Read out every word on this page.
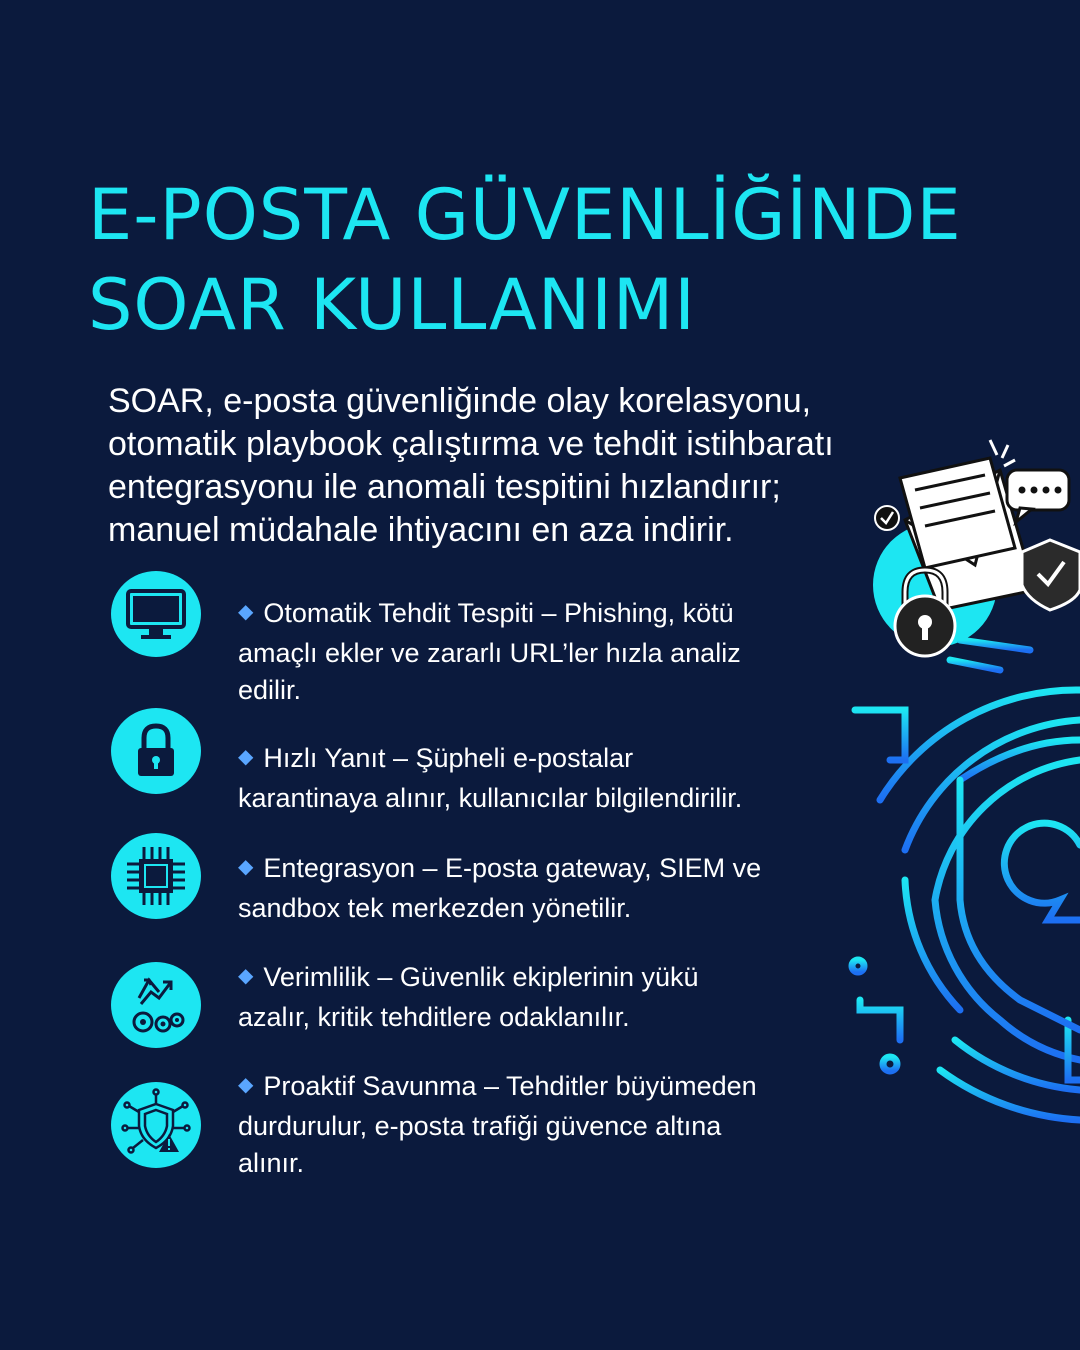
E-POSTA GÜVENLİĞİNDE
SOAR KULLANIMI

SOAR, e-posta güvenliğinde olay korelasyonu,
otomatik playbook çalıştırma ve tehdit istihbaratı
entegrasyonu ile anomali tespitini hızlandırır;
manuel müdahale ihtiyacını en aza indirir.

◆ Otomatik Tehdit Tespiti – Phishing, kötü
amaçlı ekler ve zararlı URL’ler hızla analiz
edilir.
◆ Hızlı Yanıt – Şüpheli e-postalar
karantinaya alınır, kullanıcılar bilgilendirilir.
◆ Entegrasyon – E-posta gateway, SIEM ve
sandbox tek merkezden yönetilir.
◆ Verimlilik – Güvenlik ekiplerinin yükü
azalır, kritik tehditlere odaklanılır.
◆ Proaktif Savunma – Tehditler büyümeden
durdurulur, e-posta trafiği güvence altına
alınır.
